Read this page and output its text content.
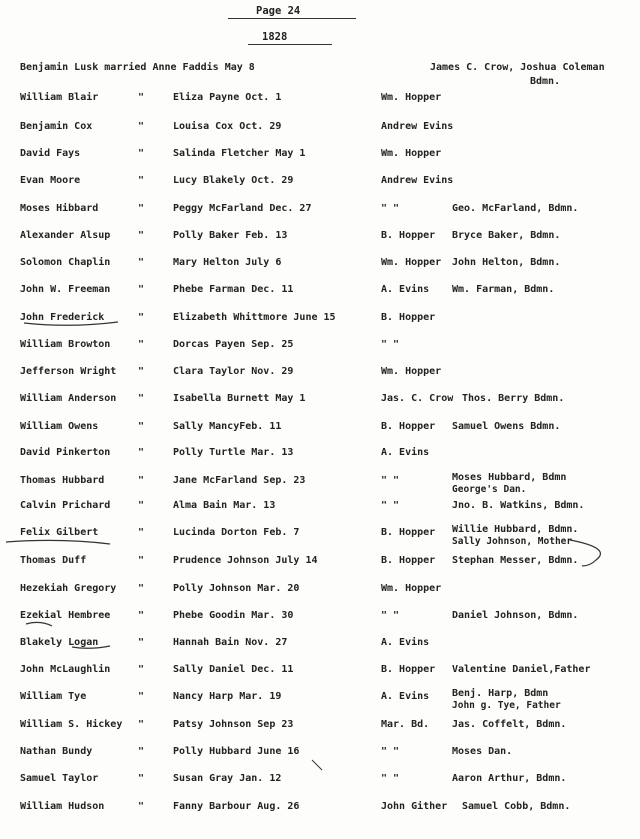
Page 24
1828
Benjamin Lusk married Anne Faddis May 8	James C. Crow, Joshua Coleman
Bdmn.
William Blair	"	Eliza Payne Oct. 1	Wm. Hopper
Benjamin Cox	"	Louisa Cox Oct. 29	Andrew Evins
David Fays	"	Salinda Fletcher May 1	Wm. Hopper
Evan Moore	"	Lucy Blakely Oct. 29	Andrew Evins
Moses Hibbard	"	Peggy McFarland Dec. 27	" "	Geo. McFarland, Bdmn.
Alexander Alsup	"	Polly Baker Feb. 13	B. Hopper Bryce Baker, Bdmn.
Solomon Chaplin	"	Mary Helton July 6	Wm. Hopper John Helton, Bdmn.
John W. Freeman	"	Phebe Farman Dec. 11	A. Evins Wm. Farman, Bdmn.
John Frederick	"	Elizabeth Whittmore June 15	B. Hopper
William Browton	"	Dorcas Payen Sep. 25	" "
Jefferson Wright "	Clara Taylor Nov. 29	Wm. Hopper
William Anderson "	Isabella Burnett May 1	Jas. C. Crow Thos. Berry Bdmn.
William Owens	"	Sally MancyFeb. 11	B. Hopper Samuel Owens Bdmn.
David Pinkerton	"	Polly Turtle Mar. 13	A. Evins
Thomas Hubbard	"	Jane McFarland Sep. 23	" "	Moses Hubbard, Bdmn
George's Dan.
Calvin Prichard	"	Alma Bain Mar. 13	" "	Jno. B. Watkins, Bdmn.
Felix Gilbert	"	Lucinda Dorton Feb. 7	B. Hopper Willie Hubbard, Bdmn.
Sally Johnson, Mother
Thomas Duff	"	Prudence Johnson July 14	B. Hopper Stephan Messer, Bdmn.
Hezekiah Gregory "	Polly Johnson Mar. 20	Wm. Hopper
Ezekial Hembree	"	Phebe Goodin Mar. 30	" "	Daniel Johnson, Bdmn.
Blakely Logan	"	Hannah Bain Nov. 27	A. Evins
John McLaughlin	"	Sally Daniel Dec. 11	B. Hopper Valentine Daniel,Father
William Tye	"	Nancy Harp Mar. 19	A. Evins Benj. Harp, Bdmn
John g. Tye, Father
William S. Hickey "	Patsy Johnson Sep 23	Mar. Bd. Jas. Coffelt, Bdmn.
Nathan Bundy	"	Polly Hubbard June 16	" "	Moses Dan.
Samuel Taylor	"	Susan Gray Jan. 12	" "	Aaron Arthur, Bdmn.
William Hudson	"	Fanny Barbour Aug. 26	John Gither Samuel Cobb, Bdmn.
